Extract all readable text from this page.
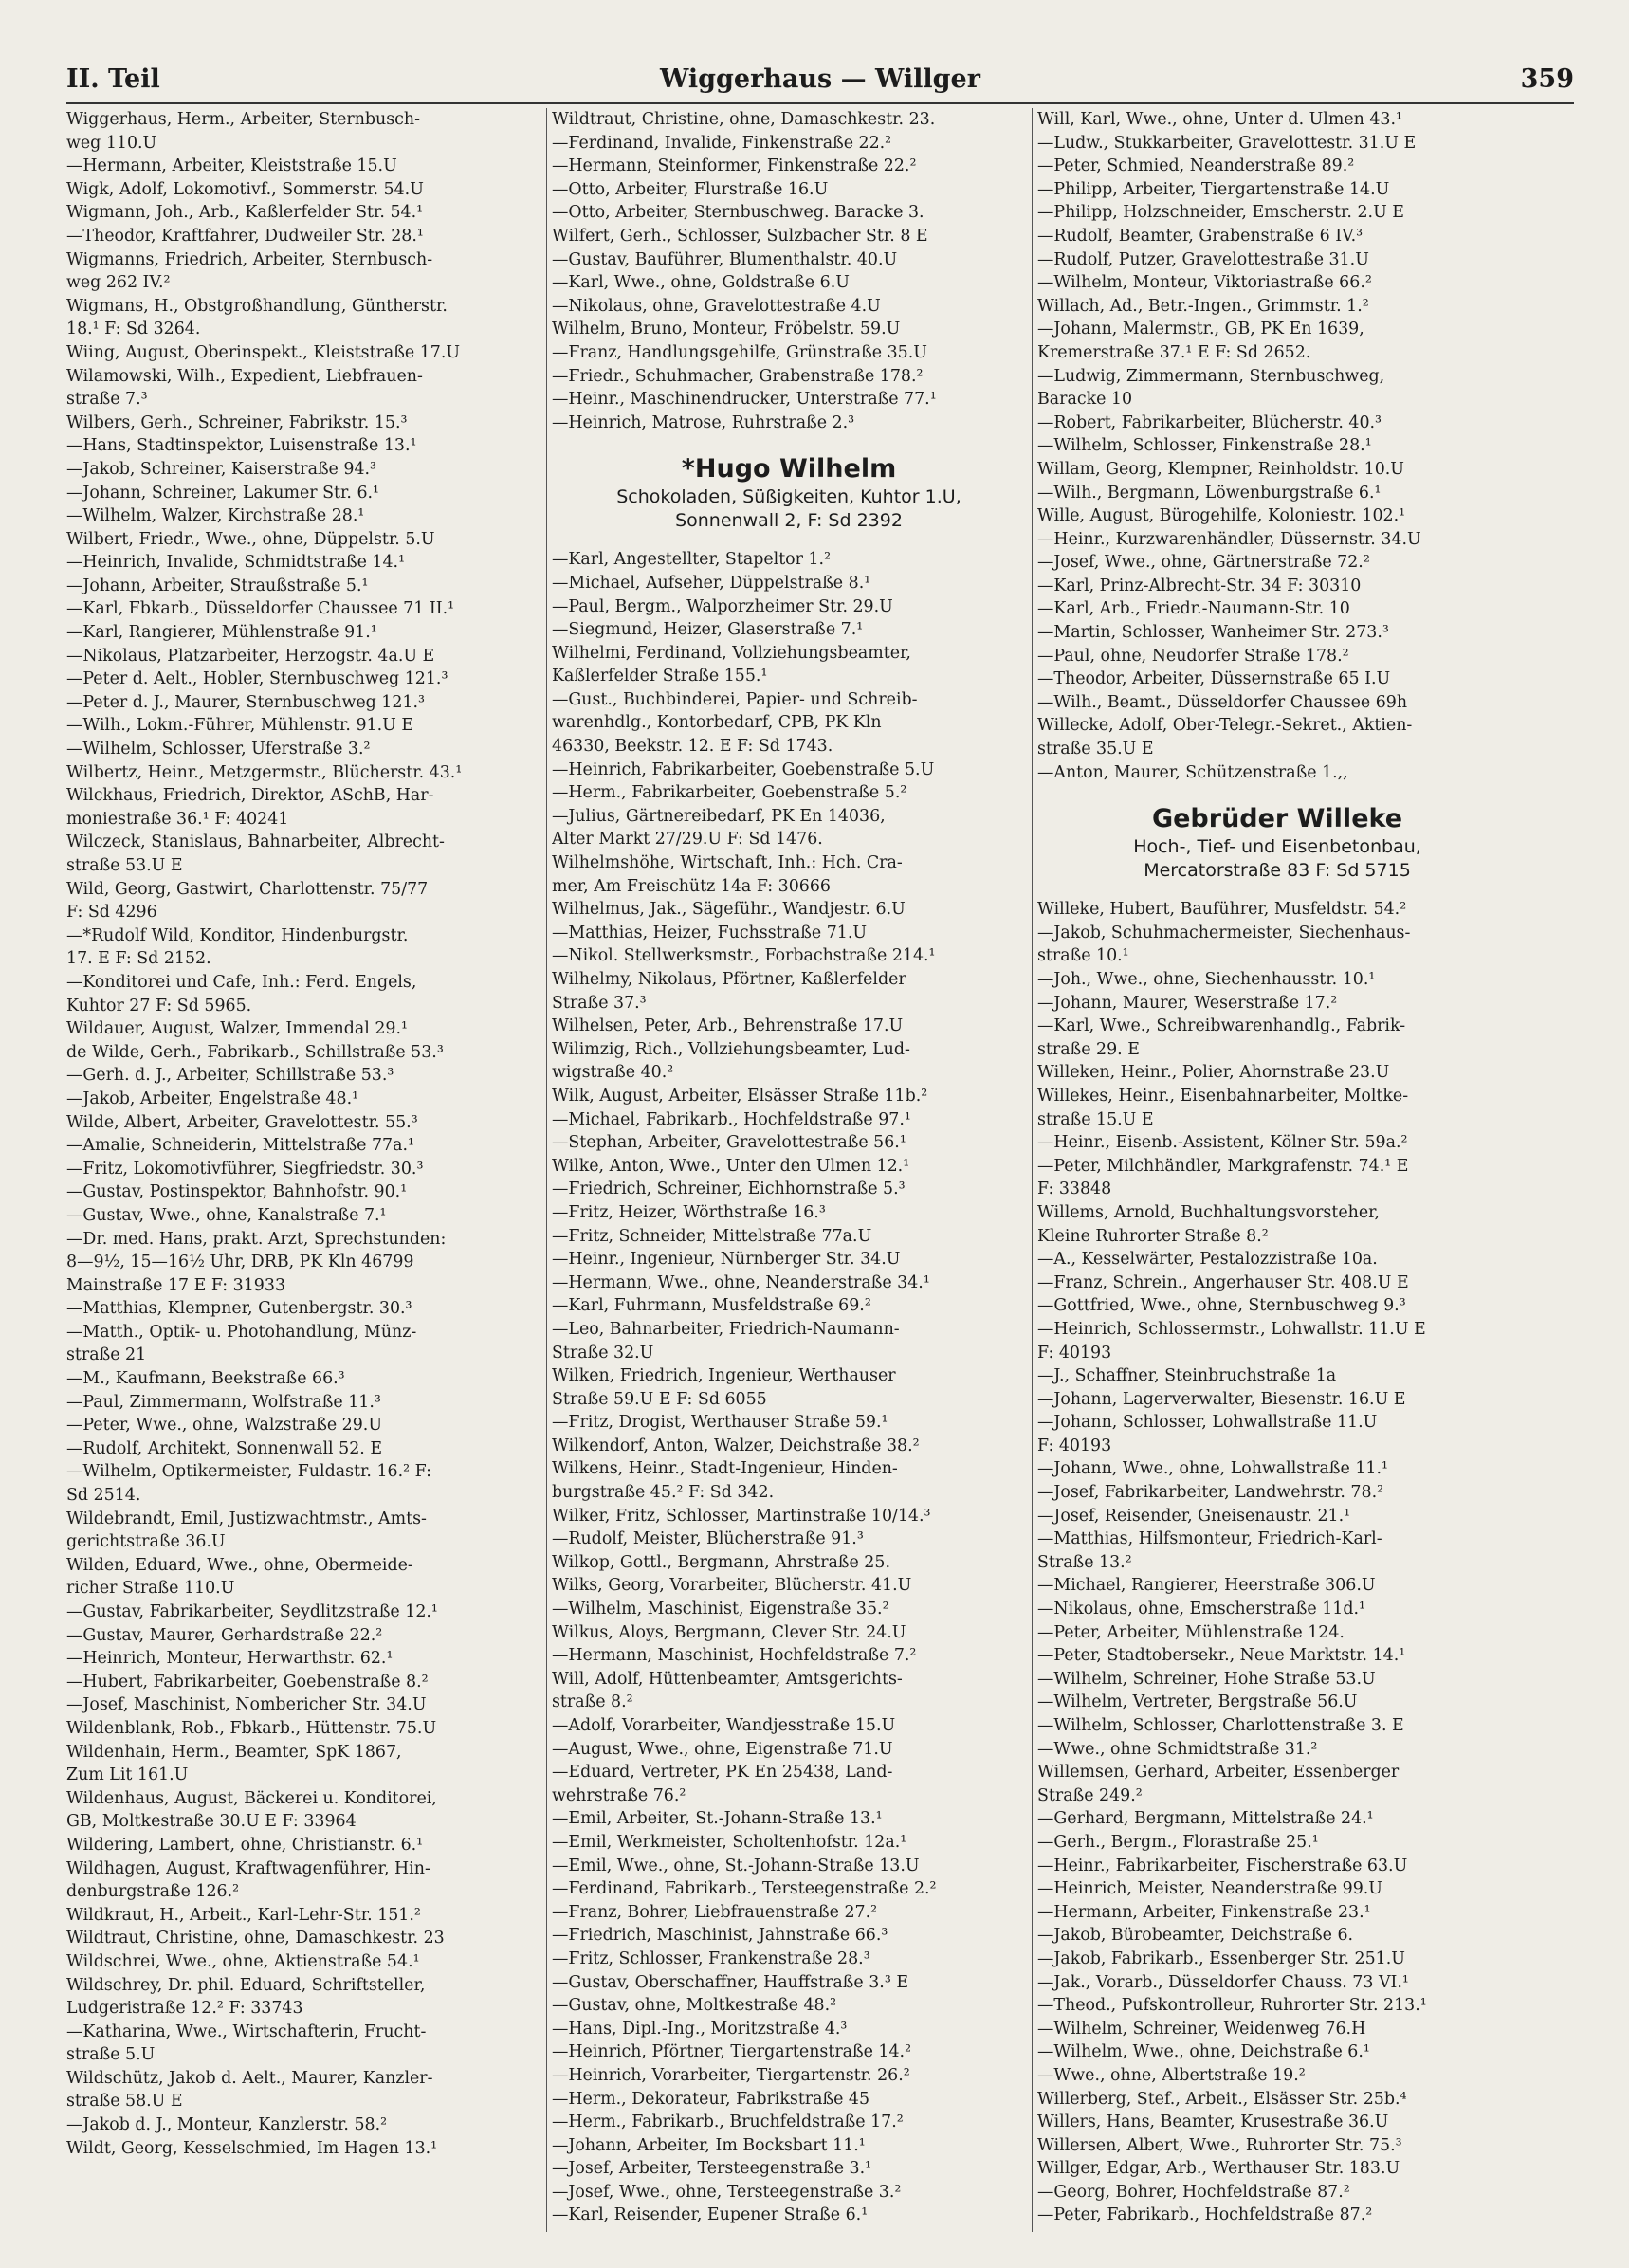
II. Teil	Wiggerhaus — Willger	359
Wiggerhaus, Herm., Arbeiter, Sternbusch-
weg 110.U
—Hermann, Arbeiter, Kleiststraße 15.U
Wigk, Adolf, Lokomotivf., Sommerstr. 54.U
Wigmann, Joh., Arb., Kaßlerfelder Str. 54.¹
—Theodor, Kraftfahrer, Dudweiler Str. 28.¹
Wigmanns, Friedrich, Arbeiter, Sternbusch-
weg 262 IV.²
Wigmans, H., Obstgroßhandlung, Güntherstr.
18.¹ F: Sd 3264.
Wiing, August, Oberinspekt., Kleiststraße 17.U
Wilamowski, Wilh., Expedient, Liebfrauen-
straße 7.³
Wilbers, Gerh., Schreiner, Fabrikstr. 15.³
—Hans, Stadtinspektor, Luisenstraße 13.¹
—Jakob, Schreiner, Kaiserstraße 94.³
—Johann, Schreiner, Lakumer Str. 6.¹
—Wilhelm, Walzer, Kirchstraße 28.¹
Wilbert, Friedr., Wwe., ohne, Düppelstr. 5.U
—Heinrich, Invalide, Schmidtstraße 14.¹
—Johann, Arbeiter, Straußstraße 5.¹
—Karl, Fbkarb., Düsseldorfer Chaussee 71 II.¹
—Karl, Rangierer, Mühlenstraße 91.¹
—Nikolaus, Platzarbeiter, Herzogstr. 4a.U E
—Peter d. Aelt., Hobler, Sternbuschweg 121.³
—Peter d. J., Maurer, Sternbuschweg 121.³
—Wilh., Lokm.-Führer, Mühlenstr. 91.U E
—Wilhelm, Schlosser, Uferstraße 3.²
Wilbertz, Heinr., Metzgermstr., Blücherstr. 43.¹
Wilckhaus, Friedrich, Direktor, ASchB, Har-
moniestraße 36.¹ F: 40241
Wilczeck, Stanislaus, Bahnarbeiter, Albrecht-
straße 53.U E
Wild, Georg, Gastwirt, Charlottenstr. 75/77
F: Sd 4296
—*Rudolf Wild, Konditor, Hindenburgstr.
17. E F: Sd 2152.
—Konditorei und Cafe, Inh.: Ferd. Engels,
Kuhtor 27 F: Sd 5965.
Wildauer, August, Walzer, Immendal 29.¹
de Wilde, Gerh., Fabrikarb., Schillstraße 53.³
—Gerh. d. J., Arbeiter, Schillstraße 53.³
—Jakob, Arbeiter, Engelstraße 48.¹
Wilde, Albert, Arbeiter, Gravelottestr. 55.³
—Amalie, Schneiderin, Mittelstraße 77a.¹
—Fritz, Lokomotivführer, Siegfriedstr. 30.³
—Gustav, Postinspektor, Bahnhofstr. 90.¹
—Gustav, Wwe., ohne, Kanalstraße 7.¹
—Dr. med. Hans, prakt. Arzt, Sprechstunden:
8—9½, 15—16½ Uhr, DRB, PK Kln 46799
Mainstraße 17 E F: 31933
—Matthias, Klempner, Gutenbergstr. 30.³
—Matth., Optik- u. Photohandlung, Münz-
straße 21
—M., Kaufmann, Beekstraße 66.³
—Paul, Zimmermann, Wolfstraße 11.³
—Peter, Wwe., ohne, Walzstraße 29.U
—Rudolf, Architekt, Sonnenwall 52. E
—Wilhelm, Optikermeister, Fuldastr. 16.² F:
Sd 2514.
Wildebrandt, Emil, Justizwachtmstr., Amts-
gerichtstraße 36.U
Wilden, Eduard, Wwe., ohne, Obermeide-
richer Straße 110.U
—Gustav, Fabrikarbeiter, Seydlitzstraße 12.¹
—Gustav, Maurer, Gerhardstraße 22.²
—Heinrich, Monteur, Herwarthstr. 62.¹
—Hubert, Fabrikarbeiter, Goebenstraße 8.²
—Josef, Maschinist, Nombericher Str. 34.U
Wildenblank, Rob., Fbkarb., Hüttenstr. 75.U
Wildenhain, Herm., Beamter, SpK 1867,
Zum Lit 161.U
Wildenhaus, August, Bäckerei u. Konditorei,
GB, Moltkestraße 30.U E F: 33964
Wildering, Lambert, ohne, Christianstr. 6.¹
Wildhagen, August, Kraftwagenführer, Hin-
denburgstraße 126.²
Wildkraut, H., Arbeit., Karl-Lehr-Str. 151.²
Wildtraut, Christine, ohne, Damaschkestr. 23
Wildschrei, Wwe., ohne, Aktienstraße 54.¹
Wildschrey, Dr. phil. Eduard, Schriftsteller,
Ludgeristraße 12.² F: 33743
—Katharina, Wwe., Wirtschafterin, Frucht-
straße 5.U
Wildschütz, Jakob d. Aelt., Maurer, Kanzler-
straße 58.U E
—Jakob d. J., Monteur, Kanzlerstr. 58.²
Wildt, Georg, Kesselschmied, Im Hagen 13.¹
Wildtraut, Christine, ohne, Damaschkestr. 23.
—Ferdinand, Invalide, Finkenstraße 22.²
—Hermann, Steinformer, Finkenstraße 22.²
—Otto, Arbeiter, Flurstraße 16.U
—Otto, Arbeiter, Sternbuschweg. Baracke 3.
Wilfert, Gerh., Schlosser, Sulzbacher Str. 8 E
—Gustav, Bauführer, Blumenthalstr. 40.U
—Karl, Wwe., ohne, Goldstraße 6.U
—Nikolaus, ohne, Gravelottestraße 4.U
Wilhelm, Bruno, Monteur, Fröbelstr. 59.U
—Franz, Handlungsgehilfe, Grünstraße 35.U
—Friedr., Schuhmacher, Grabenstraße 178.²
—Heinr., Maschinendrucker, Unterstraße 77.¹
—Heinrich, Matrose, Ruhrstraße 2.³
*Hugo Wilhelm
Schokoladen, Süßigkeiten, Kuhtor 1.U,
Sonnenwall 2, F: Sd 2392
—Karl, Angestellter, Stapeltor 1.²
—Michael, Aufseher, Düppelstraße 8.¹
—Paul, Bergm., Walporzheimer Str. 29.U
—Siegmund, Heizer, Glaserstraße 7.¹
Wilhelmi, Ferdinand, Vollziehungsbeamter,
Kaßlerfelder Straße 155.¹
—Gust., Buchbinderei, Papier- und Schreib-
warenhdlg., Kontorbedarf, CPB, PK Kln
46330, Beekstr. 12. E F: Sd 1743.
—Heinrich, Fabrikarbeiter, Goebenstraße 5.U
—Herm., Fabrikarbeiter, Goebenstraße 5.²
—Julius, Gärtnereibedarf, PK En 14036,
Alter Markt 27/29.U F: Sd 1476.
Wilhelmshöhe, Wirtschaft, Inh.: Hch. Cra-
mer, Am Freischütz 14a F: 30666
Wilhelmus, Jak., Sägeführ., Wandjestr. 6.U
—Matthias, Heizer, Fuchsstraße 71.U
—Nikol. Stellwerksmstr., Forbachstraße 214.¹
Wilhelmy, Nikolaus, Pförtner, Kaßlerfelder
Straße 37.³
Wilhelsen, Peter, Arb., Behrenstraße 17.U
Wilimzig, Rich., Vollziehungsbeamter, Lud-
wigstraße 40.²
Wilk, August, Arbeiter, Elsässer Straße 11b.²
—Michael, Fabrikarb., Hochfeldstraße 97.¹
—Stephan, Arbeiter, Gravelottestraße 56.¹
Wilke, Anton, Wwe., Unter den Ulmen 12.¹
—Friedrich, Schreiner, Eichhornstraße 5.³
—Fritz, Heizer, Wörthstraße 16.³
—Fritz, Schneider, Mittelstraße 77a.U
—Heinr., Ingenieur, Nürnberger Str. 34.U
—Hermann, Wwe., ohne, Neanderstraße 34.¹
—Karl, Fuhrmann, Musfeldstraße 69.²
—Leo, Bahnarbeiter, Friedrich-Naumann-
Straße 32.U
Wilken, Friedrich, Ingenieur, Werthauser
Straße 59.U E F: Sd 6055
—Fritz, Drogist, Werthauser Straße 59.¹
Wilkendorf, Anton, Walzer, Deichstraße 38.²
Wilkens, Heinr., Stadt-Ingenieur, Hinden-
burgstraße 45.² F: Sd 342.
Wilker, Fritz, Schlosser, Martinstraße 10/14.³
—Rudolf, Meister, Blücherstraße 91.³
Wilkop, Gottl., Bergmann, Ahrstraße 25.
Wilks, Georg, Vorarbeiter, Blücherstr. 41.U
—Wilhelm, Maschinist, Eigenstraße 35.²
Wilkus, Aloys, Bergmann, Clever Str. 24.U
—Hermann, Maschinist, Hochfeldstraße 7.²
Will, Adolf, Hüttenbeamter, Amtsgerichts-
straße 8.²
—Adolf, Vorarbeiter, Wandjesstraße 15.U
—August, Wwe., ohne, Eigenstraße 71.U
—Eduard, Vertreter, PK En 25438, Land-
wehrstraße 76.²
—Emil, Arbeiter, St.-Johann-Straße 13.¹
—Emil, Werkmeister, Scholtenhofstr. 12a.¹
—Emil, Wwe., ohne, St.-Johann-Straße 13.U
—Ferdinand, Fabrikarb., Tersteegenstraße 2.²
—Franz, Bohrer, Liebfrauenstraße 27.²
—Friedrich, Maschinist, Jahnstraße 66.³
—Fritz, Schlosser, Frankenstraße 28.³
—Gustav, Oberschaffner, Hauffstraße 3.³ E
—Gustav, ohne, Moltkestraße 48.²
—Hans, Dipl.-Ing., Moritzstraße 4.³
—Heinrich, Pförtner, Tiergartenstraße 14.²
—Heinrich, Vorarbeiter, Tiergartenstr. 26.²
—Herm., Dekorateur, Fabrikstraße 45
—Herm., Fabrikarb., Bruchfeldstraße 17.²
—Johann, Arbeiter, Im Bocksbart 11.¹
—Josef, Arbeiter, Tersteegenstraße 3.¹
—Josef, Wwe., ohne, Tersteegenstraße 3.²
—Karl, Reisender, Eupener Straße 6.¹
Will, Karl, Wwe., ohne, Unter d. Ulmen 43.¹
—Ludw., Stukkarbeiter, Gravelottestr. 31.U E
—Peter, Schmied, Neanderstraße 89.²
—Philipp, Arbeiter, Tiergartenstraße 14.U
—Philipp, Holzschneider, Emscherstr. 2.U E
—Rudolf, Beamter, Grabenstraße 6 IV.³
—Rudolf, Putzer, Gravelottestraße 31.U
—Wilhelm, Monteur, Viktoriastraße 66.²
Willach, Ad., Betr.-Ingen., Grimmstr. 1.²
—Johann, Malermstr., GB, PK En 1639,
Kremerstraße 37.¹ E F: Sd 2652.
—Ludwig, Zimmermann, Sternbuschweg,
Baracke 10
—Robert, Fabrikarbeiter, Blücherstr. 40.³
—Wilhelm, Schlosser, Finkenstraße 28.¹
Willam, Georg, Klempner, Reinholdstr. 10.U
—Wilh., Bergmann, Löwenburgstraße 6.¹
Wille, August, Bürogehilfe, Koloniestr. 102.¹
—Heinr., Kurzwarenhändler, Düssernstr. 34.U
—Josef, Wwe., ohne, Gärtnerstraße 72.²
—Karl, Prinz-Albrecht-Str. 34 F: 30310
—Karl, Arb., Friedr.-Naumann-Str. 10
—Martin, Schlosser, Wanheimer Str. 273.³
—Paul, ohne, Neudorfer Straße 178.²
—Theodor, Arbeiter, Düssernstraße 65 I.U
—Wilh., Beamt., Düsseldorfer Chaussee 69h
Willecke, Adolf, Ober-Telegr.-Sekret., Aktien-
straße 35.U E
—Anton, Maurer, Schützenstraße 1.,,
Gebrüder Willeke
Hoch-, Tief- und Eisenbetonbau,
Mercatorstraße 83 F: Sd 5715
Willeke, Hubert, Bauführer, Musfeldstr. 54.²
—Jakob, Schuhmachermeister, Siechenhaus-
straße 10.¹
—Joh., Wwe., ohne, Siechenhausstr. 10.¹
—Johann, Maurer, Weserstraße 17.²
—Karl, Wwe., Schreibwarenhandlg., Fabrik-
straße 29. E
Willeken, Heinr., Polier, Ahornstraße 23.U
Willekes, Heinr., Eisenbahnarbeiter, Moltke-
straße 15.U E
—Heinr., Eisenb.-Assistent, Kölner Str. 59a.²
—Peter, Milchhändler, Markgrafenstr. 74.¹ E
F: 33848
Willems, Arnold, Buchhaltungsvorsteher,
Kleine Ruhrorter Straße 8.²
—A., Kesselwärter, Pestalozzistraße 10a.
—Franz, Schrein., Angerhauser Str. 408.U E
—Gottfried, Wwe., ohne, Sternbuschweg 9.³
—Heinrich, Schlossermstr., Lohwallstr. 11.U E
F: 40193
—J., Schaffner, Steinbruchstraße 1a
—Johann, Lagerverwalter, Biesenstr. 16.U E
—Johann, Schlosser, Lohwallstraße 11.U
F: 40193
—Johann, Wwe., ohne, Lohwallstraße 11.¹
—Josef, Fabrikarbeiter, Landwehrstr. 78.²
—Josef, Reisender, Gneisenaustr. 21.¹
—Matthias, Hilfsmonteur, Friedrich-Karl-
Straße 13.²
—Michael, Rangierer, Heerstraße 306.U
—Nikolaus, ohne, Emscherstraße 11d.¹
—Peter, Arbeiter, Mühlenstraße 124.
—Peter, Stadtobersekr., Neue Marktstr. 14.¹
—Wilhelm, Schreiner, Hohe Straße 53.U
—Wilhelm, Vertreter, Bergstraße 56.U
—Wilhelm, Schlosser, Charlottenstraße 3. E
—Wwe., ohne Schmidtstraße 31.²
Willemsen, Gerhard, Arbeiter, Essenberger
Straße 249.²
—Gerhard, Bergmann, Mittelstraße 24.¹
—Gerh., Bergm., Florastraße 25.¹
—Heinr., Fabrikarbeiter, Fischerstraße 63.U
—Heinrich, Meister, Neanderstraße 99.U
—Hermann, Arbeiter, Finkenstraße 23.¹
—Jakob, Bürobeamter, Deichstraße 6.
—Jakob, Fabrikarb., Essenberger Str. 251.U
—Jak., Vorarb., Düsseldorfer Chauss. 73 VI.¹
—Theod., Pufskontrolleur, Ruhrorter Str. 213.¹
—Wilhelm, Schreiner, Weidenweg 76.H
—Wilhelm, Wwe., ohne, Deichstraße 6.¹
—Wwe., ohne, Albertstraße 19.²
Willerberg, Stef., Arbeit., Elsässer Str. 25b.⁴
Willers, Hans, Beamter, Krusestraße 36.U
Willersen, Albert, Wwe., Ruhrorter Str. 75.³
Willger, Edgar, Arb., Werthauser Str. 183.U
—Georg, Bohrer, Hochfeldstraße 87.²
—Peter, Fabrikarb., Hochfeldstraße 87.²
